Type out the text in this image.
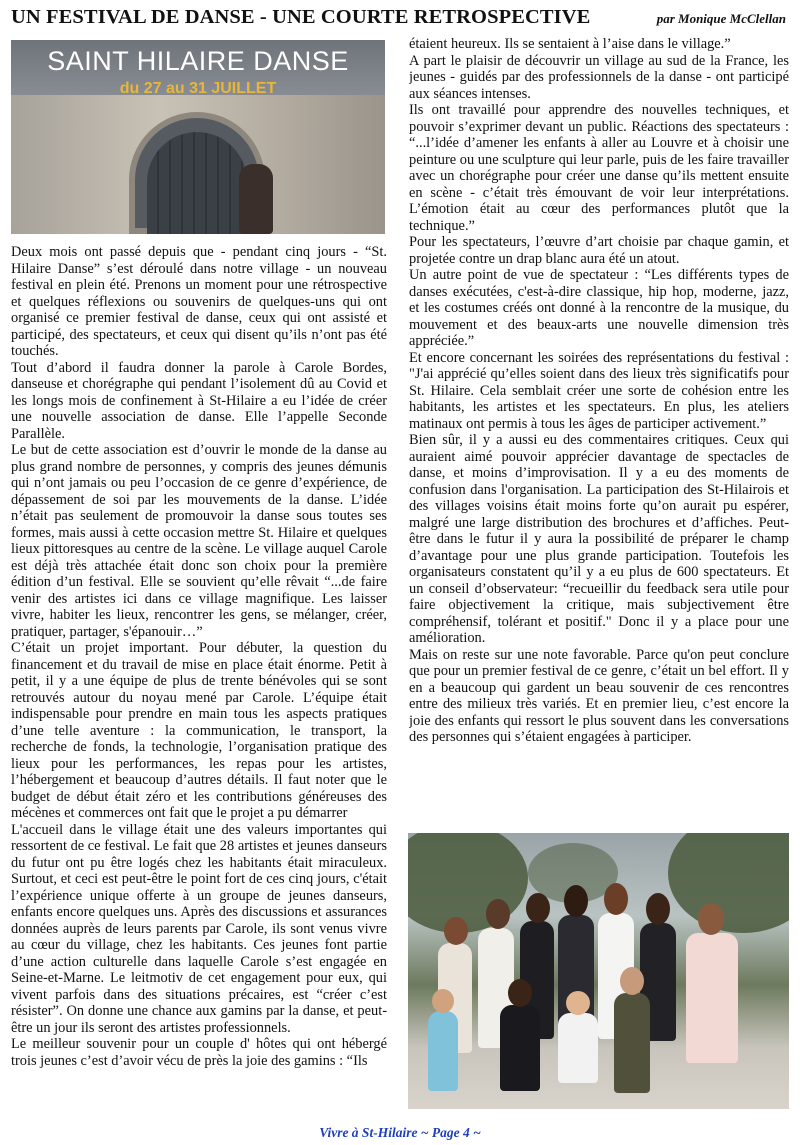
UN FESTIVAL DE DANSE - UNE COURTE RETROSPECTIVE	par Monique McClellan
SAINT HILAIRE DANSE
du 27 au 31 JUILLET

Deux mois ont passé depuis que - pendant cinq jours - “St. Hilaire Danse” s’est déroulé dans notre village - un nouveau festival en plein été. Prenons un moment pour une rétrospective et quelques réflexions ou souvenirs de quelques-uns qui ont organisé ce premier festival de danse, ceux qui ont assisté et participé, des spectateurs, et ceux qui disent qu’ils n’ont pas été touchés.

Tout d’abord il faudra donner la parole à Carole Bordes, danseuse et chorégraphe qui pendant l’isolement dû au Covid et les longs mois de confinement à St-Hilaire a eu l’idée de créer une nouvelle association de danse. Elle l’appelle Seconde Parallèle.

Le but de cette association est d’ouvrir le monde de la danse au plus grand nombre de personnes, y compris des jeunes démunis qui n’ont jamais ou peu l’occasion de ce genre d’expérience, de dépassement de soi par les mouvements de la danse. L’idée n’était pas seulement de promouvoir la danse sous toutes ses formes, mais aussi à cette occasion mettre St. Hilaire et quelques lieux pittoresques au centre de la scène. Le village auquel Carole est déjà très attachée était donc son choix pour la première édition d’un festival. Elle se souvient qu’elle rêvait “...de faire venir des artistes ici dans ce village magnifique. Les laisser vivre, habiter les lieux, rencontrer les gens, se mélanger, créer, pratiquer, partager, s'épanouir…”

C’était un projet important. Pour débuter, la question du financement et du travail de mise en place était énorme. Petit à petit, il y a une équipe de plus de trente bénévoles qui se sont retrouvés autour du noyau mené par Carole. L’équipe était indispensable pour prendre en main tous les aspects pratiques d’une telle aventure : la communication, le transport, la recherche de fonds, la technologie, l’organisation pratique des lieux pour les performances, les repas pour les artistes, l’hébergement et beaucoup d’autres détails. Il faut noter que le budget de début était zéro et les contributions généreuses des mécènes et commerces ont fait que le projet a pu démarrer

L'accueil dans le village était une des valeurs importantes qui ressortent de ce festival. Le fait que 28 artistes et jeunes danseurs du futur ont pu être logés chez les habitants était miraculeux. Surtout, et ceci est peut-être le point fort de ces cinq jours, c'était l’expérience unique offerte à un groupe de jeunes danseurs, enfants encore quelques uns. Après des discussions et assurances données auprès de leurs parents par Carole, ils sont venus vivre au cœur du village, chez les habitants. Ces jeunes font partie d’une action culturelle dans laquelle Carole s’est engagée en Seine-et-Marne. Le leitmotiv de cet engagement pour eux, qui vivent parfois dans des situations précaires, est “créer c’est résister”. On donne une chance aux gamins par la danse, et peut-être un jour ils seront des artistes professionnels.

Le meilleur souvenir pour un couple d' hôtes qui ont hébergé trois jeunes c’est d’avoir vécu de près la joie des gamins : “Ils

étaient heureux. Ils se sentaient à l’aise dans le village.”

A part le plaisir de découvrir un village au sud de la France, les jeunes - guidés par des professionnels de la danse - ont participé aux séances intenses.

Ils ont travaillé pour apprendre des nouvelles techniques, et pouvoir s’exprimer devant un public. Réactions des spectateurs : “...l’idée d’amener les enfants à aller au Louvre et à choisir une peinture ou une sculpture qui leur parle, puis de les faire travailler avec un chorégraphe pour créer une danse qu’ils mettent ensuite en scène - c’était très émouvant de voir leur interprétations. L’émotion était au cœur des performances plutôt que la technique.”

Pour les spectateurs, l’œuvre d’art choisie par chaque gamin, et projetée contre un drap blanc aura été un atout.

Un autre point de vue de spectateur : “Les différents types de danses exécutées, c'est-à-dire classique, hip hop, moderne, jazz, et les costumes créés ont donné à la rencontre de la musique, du mouvement et des beaux-arts une nouvelle dimension très appréciée.”

Et encore concernant les soirées des représentations du festival : "J'ai apprécié qu’elles soient dans des lieux très significatifs pour St. Hilaire. Cela semblait créer une sorte de cohésion entre les habitants, les artistes et les spectateurs. En plus, les ateliers matinaux ont permis à tous les âges de participer activement.”

Bien sûr, il y a aussi eu des commentaires critiques. Ceux qui auraient aimé pouvoir apprécier davantage de spectacles de danse, et moins d’improvisation. Il y a eu des moments de confusion dans l'organisation. La participation des St-Hilairois et des villages voisins était moins forte qu’on aurait pu espérer, malgré une large distribution des brochures et d’affiches. Peut-être dans le futur il y aura la possibilité de préparer le champ d’avantage pour une plus grande participation. Toutefois les organisateurs constatent qu’il y a eu plus de 600 spectateurs. Et un conseil d’observateur: “recueillir du feedback sera utile pour faire objectivement la critique, mais subjectivement être compréhensif, tolérant et positif." Donc il y a place pour une amélioration.

Mais on reste sur une note favorable. Parce qu'on peut conclure que pour un premier festival de ce genre, c’était un bel effort. Il y en a beaucoup qui gardent un beau souvenir de ces rencontres entre des milieux très variés. Et en premier lieu, c’est encore la joie des enfants qui ressort le plus souvent dans les conversations des personnes qui s’étaient engagées à participer.

Vivre à St-Hilaire ~ Page 4 ~
